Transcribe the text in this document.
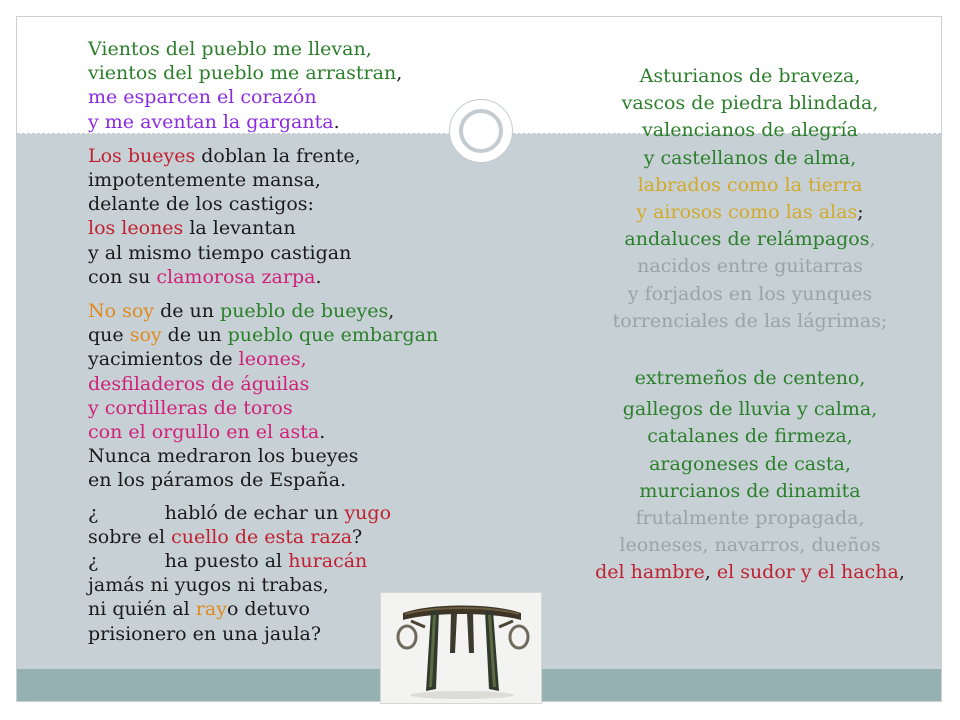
Vientos del pueblo me llevan,
vientos del pueblo me arrastran,
me esparcen el corazón
y me aventan la garganta.
Los bueyes doblan la frente,
impotentemente mansa,
delante de los castigos:
los leones la levantan
y al mismo tiempo castigan
con su clamorosa zarpa.
No soy de un pueblo de bueyes,
que soy de un pueblo que embargan
yacimientos de leones,
desfiladeros de águilas
y cordilleras de toros
con el orgullo en el asta.
Nunca medraron los bueyes
en los páramos de España.
¿           habló de echar un yugo
sobre el cuello de esta raza?
¿           ha puesto al huracán
jamás ni yugos ni trabas,
ni quién al rayo detuvo
prisionero en una jaula?
Asturianos de braveza,
vascos de piedra blindada,
valencianos de alegría
y castellanos de alma,
labrados como la tierra
y airosos como las alas;
andaluces de relámpagos,
nacidos entre guitarras
y forjados en los yunques
torrenciales de las lágrimas;
extremeños de centeno,
gallegos de lluvia y calma,
catalanes de firmeza,
aragoneses de casta,
murcianos de dinamita
frutalmente propagada,
leoneses, navarros, dueños
del hambre, el sudor y el hacha,
